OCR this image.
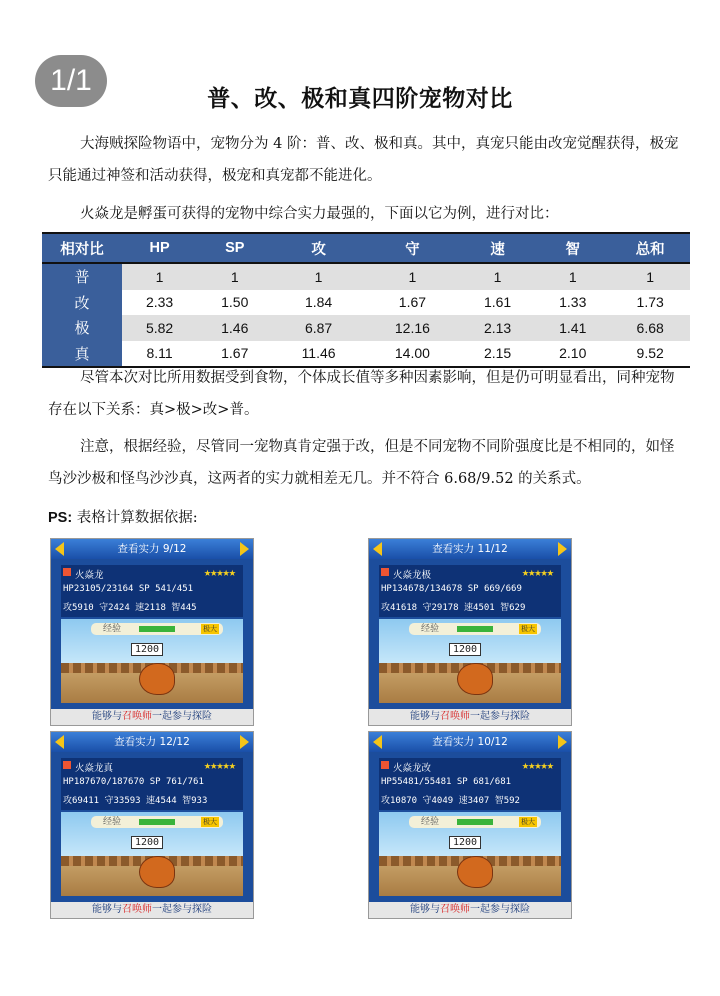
1/1
普、改、极和真四阶宠物对比

大海贼探险物语中，宠物分为 4 阶：普、改、极和真。其中，真宠只能由改宠觉醒获得，极宠只能通过神签和活动获得，极宠和真宠都不能进化。

火焱龙是孵蛋可获得的宠物中综合实力最强的，下面以它为例，进行对比：

相对比	HP	SP	攻	守	速	智	总和
普	1	1	1	1	1	1	1
改	2.33	1.50	1.84	1.67	1.61	1.33	1.73
极	5.82	1.46	6.87	12.16	2.13	1.41	6.68
真	8.11	1.67	11.46	14.00	2.15	2.10	9.52

尽管本次对比所用数据受到食物，个体成长值等多种因素影响，但是仍可明显看出，同种宠物存在以下关系：真>极>改>普。

注意，根据经验，尽管同一宠物真肯定强于改，但是不同宠物不同阶强度比是不相同的，如怪鸟沙沙极和怪鸟沙沙真，这两者的实力就相差无几。并不符合 6.68/9.52 的关系式。

PS: 表格计算数据依据:
查看实力 9/12
火焱龙	★★★★★
HP23105/23164 SP 541/451
攻5910 守2424 速2118 智445
经验	极大
1200
能够与召唤师一起参与探险
查看实力 11/12
火焱龙极	★★★★★
HP134678/134678 SP 669/669
攻41618 守29178 速4501 智629
经验	极大
1200
能够与召唤师一起参与探险
查看实力 12/12
火焱龙真	★★★★★
HP187670/187670 SP 761/761
攻69411 守33593 速4544 智933
经验	极大
1200
能够与召唤师一起参与探险
查看实力 10/12
火焱龙改	★★★★★
HP55481/55481 SP 681/681
攻10870 守4049 速3407 智592
经验	极大
1200
能够与召唤师一起参与探险
